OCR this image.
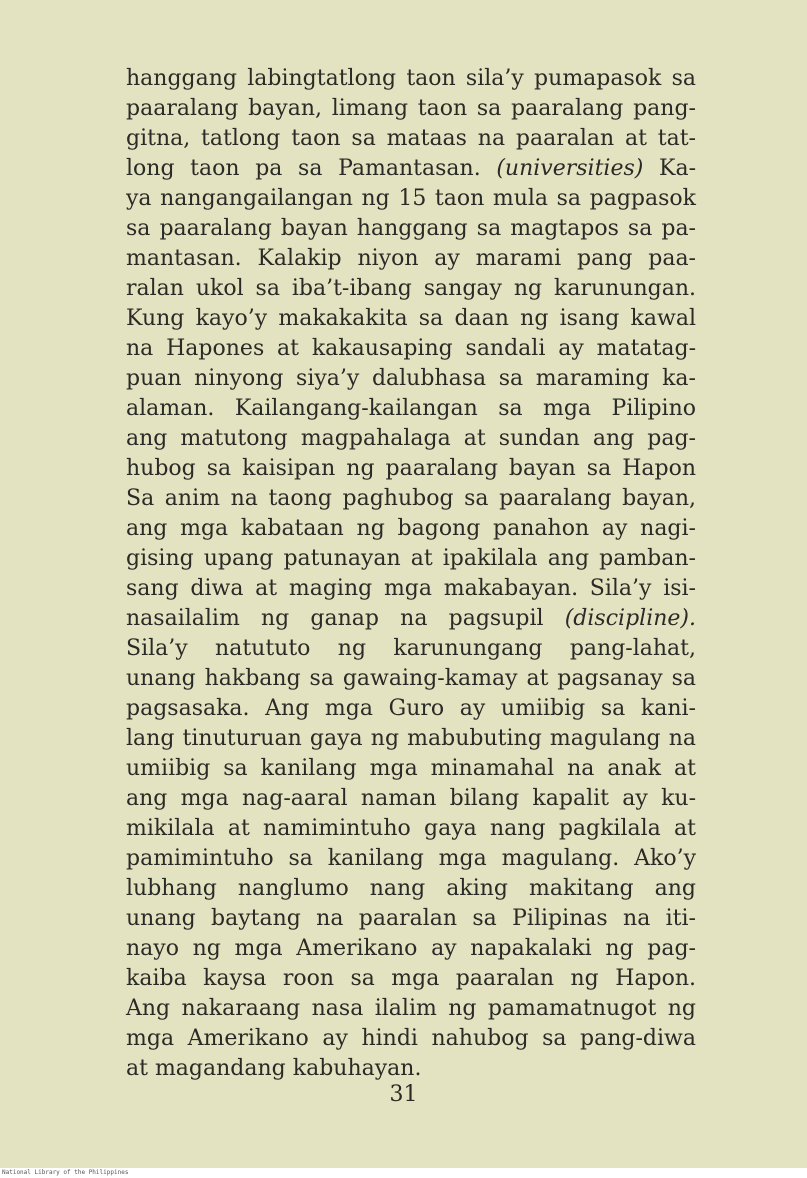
hanggang labingtatlong taon sila’y pumapasok sa
paaralang bayan, limang taon sa paaralang pang-
gitna, tatlong taon sa mataas na paaralan at tat-
long taon pa sa Pamantasan. (universities) Ka-
ya nangangailangan ng 15 taon mula sa pagpasok
sa paaralang bayan hanggang sa magtapos sa pa-
mantasan. Kalakip niyon ay marami pang paa-
ralan ukol sa iba’t-ibang sangay ng karunungan.
Kung kayo’y makakakita sa daan ng isang kawal
na Hapones at kakausaping sandali ay matatag-
puan ninyong siya’y dalubhasa sa maraming ka-
alaman. Kailangang-kailangan sa mga Pilipino
ang matutong magpahalaga at sundan ang pag-
hubog sa kaisipan ng paaralang bayan sa Hapon
Sa anim na taong paghubog sa paaralang bayan,
ang mga kabataan ng bagong panahon ay nagi-
gising upang patunayan at ipakilala ang pamban-
sang diwa at maging mga makabayan. Sila’y isi-
nasailalim ng ganap na pagsupil (discipline).
Sila’y natututo ng karunungang pang-lahat,
unang hakbang sa gawaing-kamay at pagsanay sa
pagsasaka. Ang mga Guro ay umiibig sa kani-
lang tinuturuan gaya ng mabubuting magulang na
umiibig sa kanilang mga minamahal na anak at
ang mga nag-aaral naman bilang kapalit ay ku-
mikilala at namimintuho gaya nang pagkilala at
pamimintuho sa kanilang mga magulang. Ako’y
lubhang nanglumo nang aking makitang ang
unang baytang na paaralan sa Pilipinas na iti-
nayo ng mga Amerikano ay napakalaki ng pag-
kaiba kaysa roon sa mga paaralan ng Hapon.
Ang nakaraang nasa ilalim ng pamamatnugot ng
mga Amerikano ay hindi nahubog sa pang-diwa
at magandang kabuhayan.
31
National Library of the Philippines
